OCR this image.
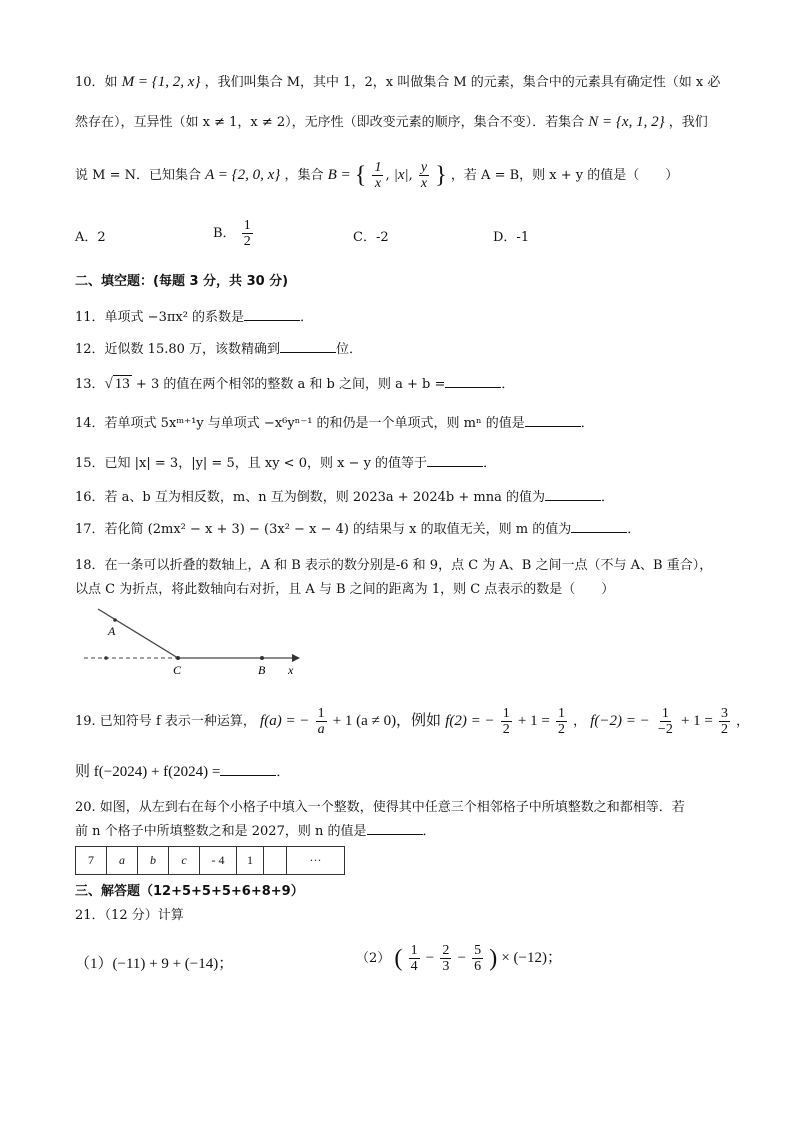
10．如 M = {1, 2, x} ，我们叫集合 M，其中 1，2，x 叫做集合 M 的元素，集合中的元素具有确定性（如 x 必
然存在），互异性（如 x ≠ 1，x ≠ 2），无序性（即改变元素的顺序，集合不变）．若集合 N = {x, 1, 2} ，我们
说 M = N．已知集合 A = {2, 0, x} ，集合 B = { $\frac{1}{x}$ , |x|, $\frac{y}{x}$ } ，若 A = B，则 x + y 的值是（　　）
A．2	B． $\frac{1}{2}$	C．-2	D．-1
二、填空题：(每题 3 分，共 30 分)
11．单项式 −3πx² 的系数是	．
12．近似数 15.80 万，该数精确到	位．
13．√ 13 + 3 的值在两个相邻的整数 a 和 b 之间，则 a + b =	．
14．若单项式 5xᵐ⁺¹y 与单项式 −x⁶yⁿ⁻¹ 的和仍是一个单项式，则 mⁿ 的值是	．
15．已知 |x| = 3，|y| = 5，且 xy < 0，则 x − y 的值等于	．
16．若 a、b 互为相反数，m、n 互为倒数，则 2023a + 2024b + mna 的值为	．
17．若化简 (2mx² − x + 3) − (3x² − x − 4) 的结果与 x 的取值无关，则 m 的值为	．
18．在一条可以折叠的数轴上，A 和 B 表示的数分别是-6 和 9，点 C 为 A、B 之间一点（不与 A、B 重合），
以点 C 为折点，将此数轴向右对折，且 A 与 B 之间的距离为 1，则 C 点表示的数是（　　）
A
C	B x
19. 已知符号 f 表示一种运算， f(a) = − $\frac{1}{a} + 1$ (a ≠ 0)，例如 f(2) = − $\frac{1}{2} + 1 = \frac{1}{2}$ ， f(−2) = − $\frac{1}{-2} + 1 = \frac{3}{2}$ ，
则 f(−2024) + f(2024) =	．
20. 如图，从左到右在每个小格子中填入一个整数，使得其中任意三个相邻格子中所填整数之和都相等．若
前 n 个格子中所填整数之和是 2027，则 n 的值是	．
7	a	b	c	- 4	1		···
三、解答题（12+5+5+5+6+8+9）
21．（12 分）计算
（1）(−11) + 9 + (−14)；	（2） ( $\frac{1}{4} - \frac{2}{3} - \frac{5}{6}$ ) × (−12)；
